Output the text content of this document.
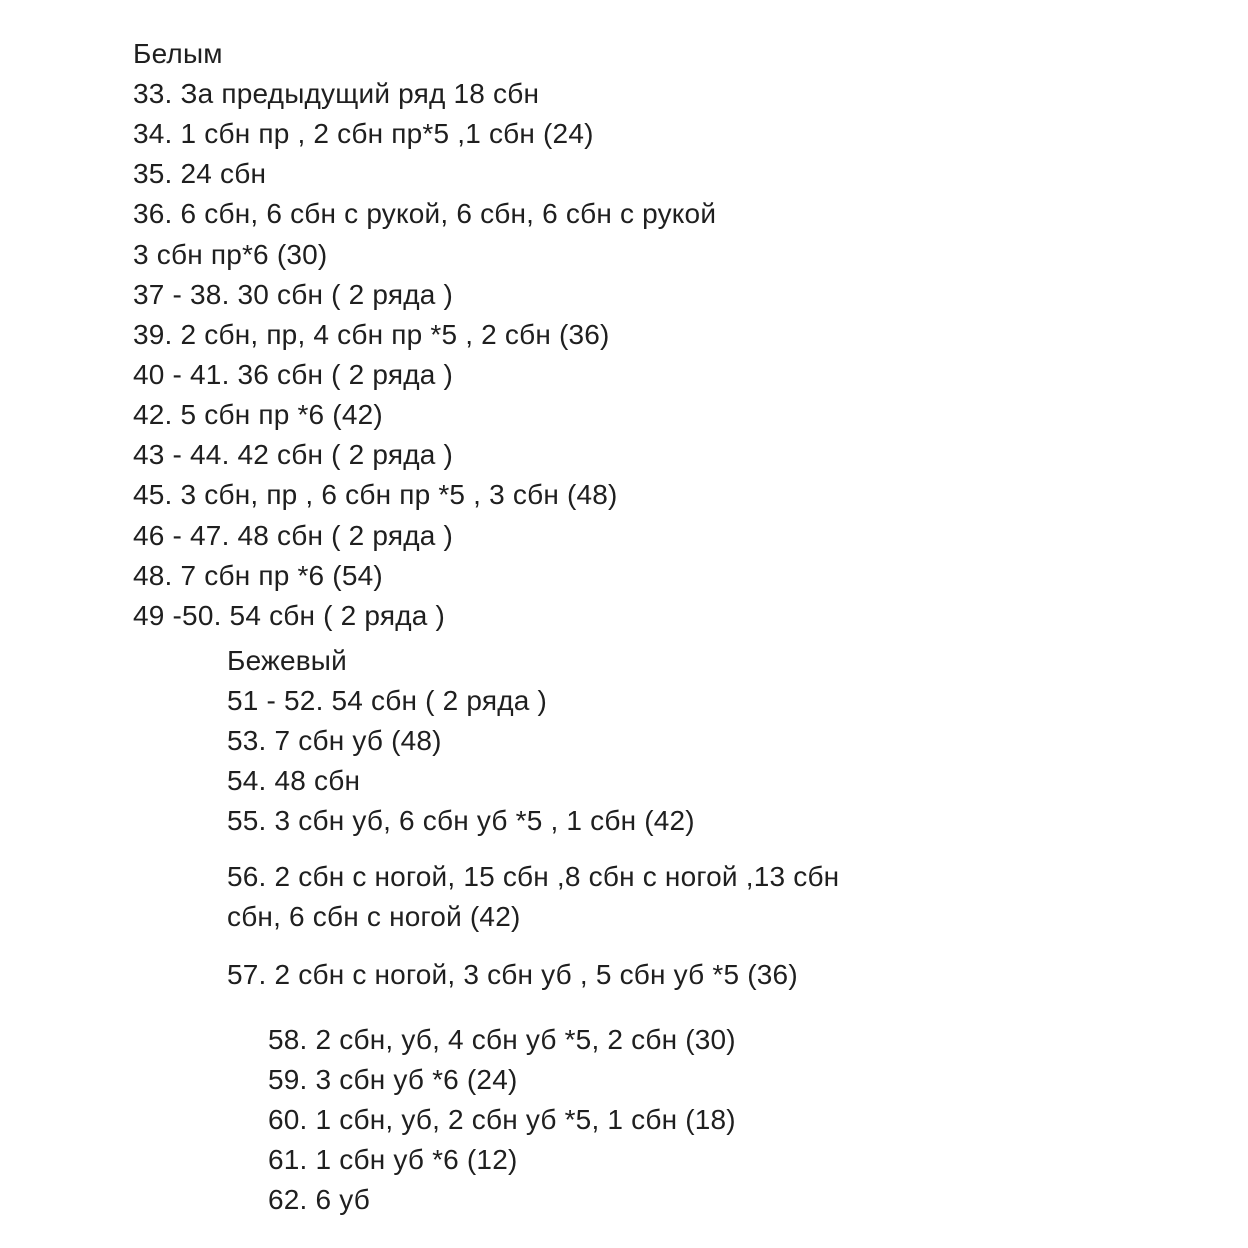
Белым
33. За предыдущий ряд 18 сбн
34. 1 сбн пр , 2 сбн пр*5 ,1 сбн (24)
35. 24 сбн
36. 6 сбн, 6 сбн с рукой, 6 сбн, 6 сбн с рукой
3 сбн пр*6 (30)
37 - 38. 30 сбн ( 2 ряда )
39. 2 сбн, пр, 4 сбн пр *5 , 2 сбн (36)
40 - 41. 36 сбн ( 2 ряда )
42. 5 сбн пр *6 (42)
43 - 44. 42 сбн ( 2 ряда )
45. 3 сбн, пр , 6 сбн пр *5 , 3 сбн (48)
46 - 47. 48 сбн ( 2 ряда )
48. 7 сбн пр *6 (54)
49 -50. 54 сбн ( 2 ряда )
Бежевый
51 - 52. 54 сбн ( 2 ряда )
53. 7 сбн уб (48)
54. 48 сбн
55. 3 сбн уб, 6 сбн уб *5 , 1 сбн (42)
56. 2 сбн с ногой, 15 сбн ,8 сбн с ногой ,13 сбн
сбн, 6 сбн с ногой (42)
57. 2 сбн с ногой, 3 сбн уб , 5 сбн уб *5 (36)
58. 2 сбн, уб, 4 сбн уб *5, 2 сбн (30)
59. 3 сбн уб *6 (24)
60. 1 сбн, уб, 2 сбн уб *5, 1 сбн (18)
61. 1 сбн уб *6 (12)
62. 6 уб
